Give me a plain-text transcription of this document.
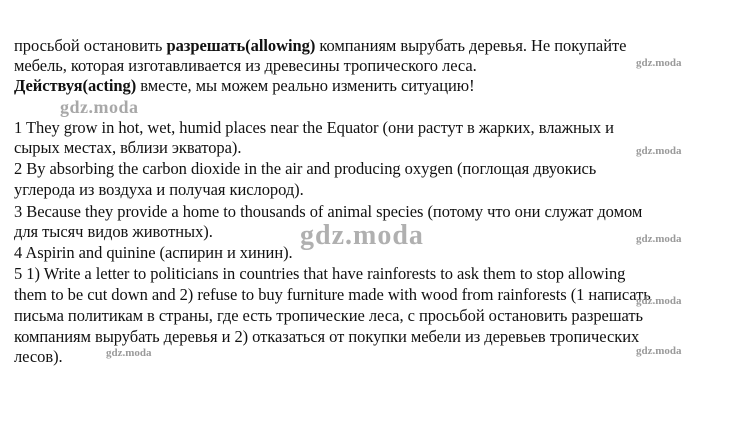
просьбой остановить разрешать(allowing) компаниям вырубать деревья. Не покупайте
мебель, которая изготавливается из древесины тропического леса.
Действуя(acting) вместе, мы можем реально изменить ситуацию!
1 They grow in hot, wet, humid places near the Equator (они растут в жарких, влажных и
сырых местах, вблизи экватора).
2 By absorbing the carbon dioxide in the air and producing oxygen (поглощая двуокись
углерода из воздуха и получая кислород).
3 Because they provide a home to thousands of animal species (потому что они служат домом
для тысяч видов животных).
4 Aspirin and quinine (аспирин и хинин).
5 1) Write a letter to politicians in countries that have rainforests to ask them to stop allowing
them to be cut down and 2) refuse to buy furniture made with wood from rainforests (1 написать
письма политикам в страны, где есть тропические леса, с просьбой остановить разрешать
компаниям вырубать деревья и 2) отказаться от покупки мебели из деревьев тропических
лесов).
gdz.moda
gdz.moda
gdz.moda
gdz.moda	gdz.moda
gdz.moda
gdz.moda
gdz.moda
